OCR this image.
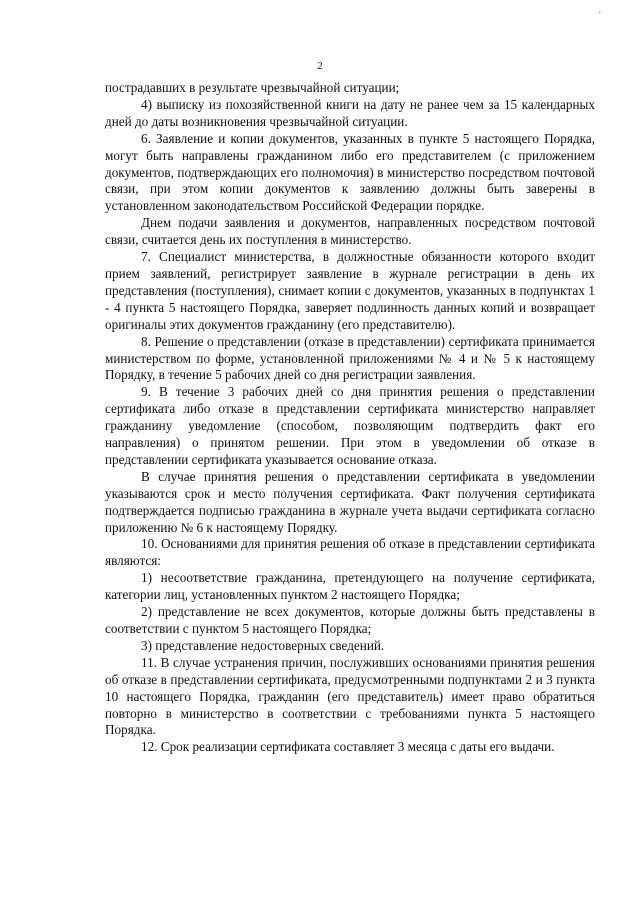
´
2

пострадавших в результате чрезвычайной ситуации;

4) выписку из похозяйственной книги на дату не ранее чем за 15 календарных дней до даты возникновения чрезвычайной ситуации.

6. Заявление и копии документов, указанных в пункте 5 настоящего Порядка, могут быть направлены гражданином либо его представителем (с приложением документов, подтверждающих его полномочия) в министерство посредством почтовой связи, при этом копии документов к заявлению должны быть заверены в установленном законодательством Российской Федерации порядке.

Днем подачи заявления и документов, направленных посредством почтовой связи, считается день их поступления в министерство.

7. Специалист министерства, в должностные обязанности которого входит прием заявлений, регистрирует заявление в журнале регистрации в день их представления (поступления), снимает копии с документов, указанных в подпунктах 1 - 4 пункта 5 настоящего Порядка, заверяет подлинность данных копий и возвращает оригиналы этих документов гражданину (его представителю).

8. Решение о представлении (отказе в представлении) сертификата принимается министерством по форме, установленной приложениями № 4 и № 5 к настоящему Порядку, в течение 5 рабочих дней со дня регистрации заявления.

9. В течение 3 рабочих дней со дня принятия решения о представлении сертификата либо отказе в представлении сертификата министерство направляет гражданину уведомление (способом, позволяющим подтвердить факт его направления) о принятом решении. При этом в уведомлении об отказе в представлении сертификата указывается основание отказа.

В случае принятия решения о представлении сертификата в уведомлении указываются срок и место получения сертификата. Факт получения сертификата подтверждается подписью гражданина в журнале учета выдачи сертификата согласно приложению № 6 к настоящему Порядку.

10. Основаниями для принятия решения об отказе в представлении сертификата являются:

1) несоответствие гражданина, претендующего на получение сертификата, категории лиц, установленных пунктом 2 настоящего Порядка;

2) представление не всех документов, которые должны быть представлены в соответствии с пунктом 5 настоящего Порядка;

3) представление недостоверных сведений.

11. В случае устранения причин, послуживших основаниями принятия решения об отказе в представлении сертификата, предусмотренными подпунктами 2 и 3 пункта 10 настоящего Порядка, гражданин (его представитель) имеет право обратиться повторно в министерство в соответствии с требованиями пункта 5 настоящего Порядка.

12. Срок реализации сертификата составляет 3 месяца с даты его выдачи.
